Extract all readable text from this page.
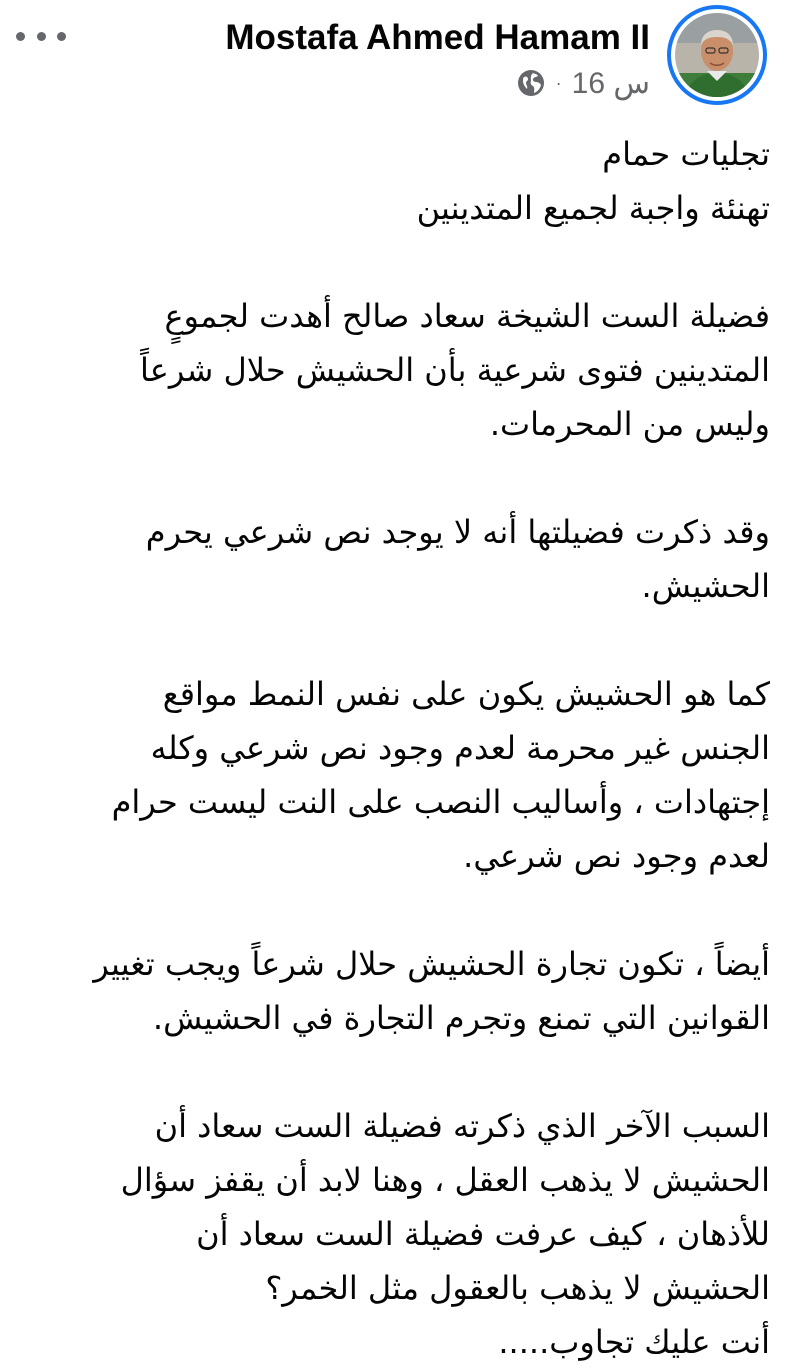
Mostafa Ahmed Hamam II
16 س
·

تجليات حمام
تهنئة واجبة لجميع المتدينين

فضيلة الست الشيخة سعاد صالح أهدت لجموعٍ
المتدينين فتوى شرعية بأن الحشيش حلال شرعاً
وليس من المحرمات.

وقد ذكرت فضيلتها أنه لا يوجد نص شرعي يحرم
الحشيش.

كما هو الحشيش يكون على نفس النمط مواقع
الجنس غير محرمة لعدم وجود نص شرعي وكله
إجتهادات ، وأساليب النصب على النت ليست حرام
لعدم وجود نص شرعي.

أيضاً ، تكون تجارة الحشيش حلال شرعاً ويجب تغيير
القوانين التي تمنع وتجرم التجارة في الحشيش.

السبب الآخر الذي ذكرته فضيلة الست سعاد أن
الحشيش لا يذهب العقل ، وهنا لابد أن يقفز سؤال
للأذهان ، كيف عرفت فضيلة الست سعاد أن
الحشيش لا يذهب بالعقول مثل الخمر؟
أنت عليك تجاوب.....
